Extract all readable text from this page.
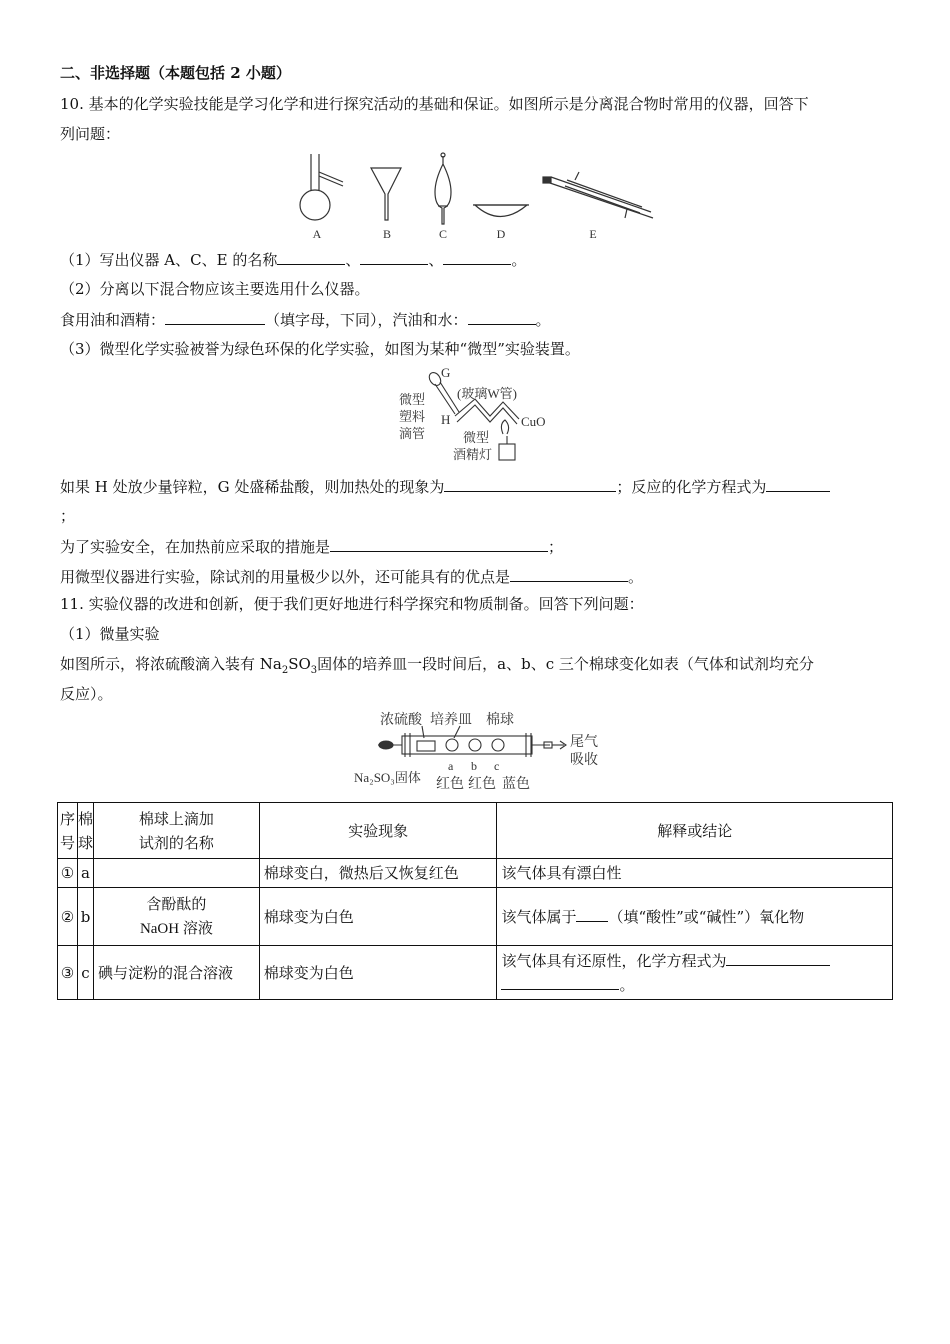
二、非选择题（本题包括 2 小题）
10. 基本的化学实验技能是学习化学和进行探究活动的基础和保证。如图所示是分离混合物时常用的仪器，回答下
列问题：
A	B	C	D	E
（1）写出仪器 A、C、E 的名称	、	、	。
（2）分离以下混合物应该主要选用什么仪器。
食用油和酒精：	（填字母，下同），汽油和水：	。
（3）微型化学实验被誉为绿色环保的化学实验，如图为某种“微型”实验装置。
G
(玻璃W管)
微型
塑料
滴管
H	CuO
微型
酒精灯
如果 H 处放少量锌粒，G 处盛稀盐酸，则加热处的现象为	；反应的化学方程式为
；
为了实验安全，在加热前应采取的措施是	；
用微型仪器进行实验，除试剂的用量极少以外，还可能具有的优点是	。
11. 实验仪器的改进和创新，便于我们更好地进行科学探究和物质制备。回答下列问题：
（1）微量实验
如图所示，将浓硫酸滴入装有 $Na_2SO_3$固体的培养皿一段时间后，a、b、c 三个棉球变化如表（气体和试剂均充分
反应）。
浓硫酸 培养皿 棉球
尾气
吸收
a b c
Na₂SO₃固体 红色 红色 蓝色
序
号	棉
球	棉球上滴加
试剂的名称	实验现象	解释或结论
①	a		棉球变白，微热后又恢复红色	该气体具有漂白性
②	b	含酚酞的
NaOH 溶液	棉球变为白色	该气体属于 （填“酸性”或“碱性”）氧化物
③	c	碘与淀粉的混合溶液	棉球变为白色	该气体具有还原性，化学方程式为
。
